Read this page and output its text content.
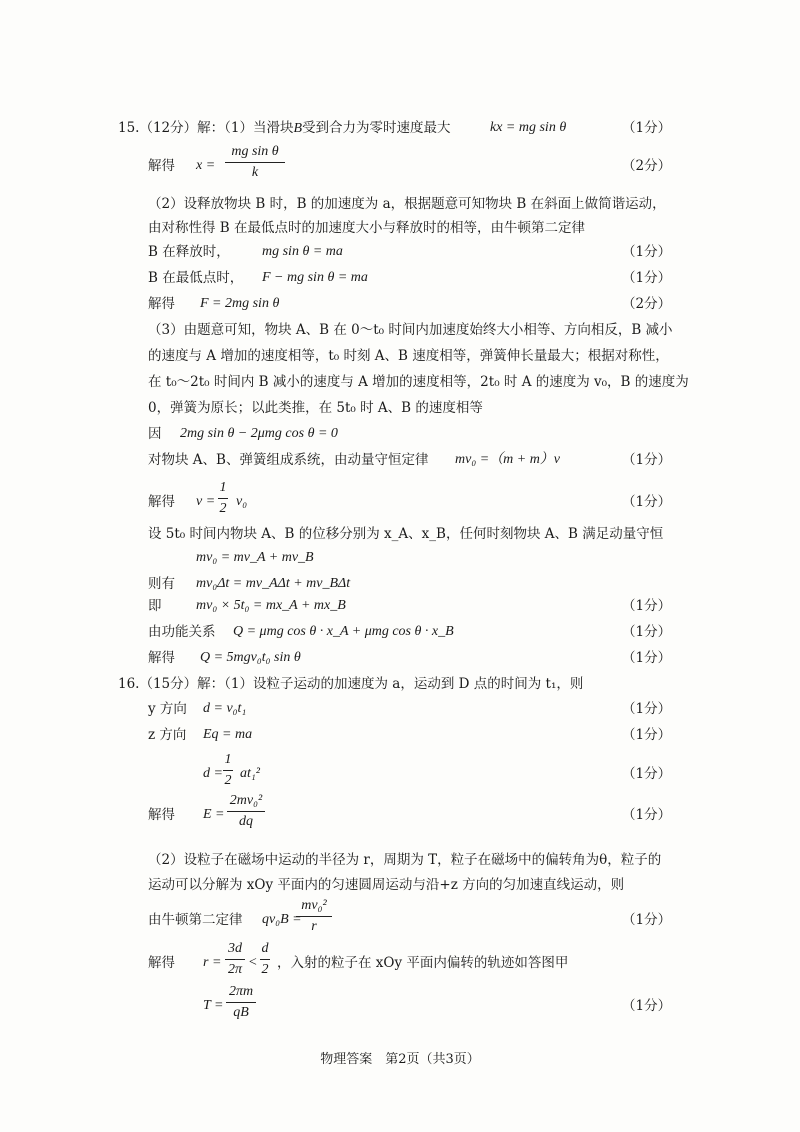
15.（12分）解：（1）当滑块B受到合力为零时速度最大	kx = mg sin θ	（1分）
解得 x =
mg sin θ
k	（2分）
（2）设释放物块 B 时，B 的加速度为 a，根据题意可知物块 B 在斜面上做简谐运动，
由对称性得 B 在最低点时的加速度大小与释放时的相等，由牛顿第二定律
B 在释放时， mg sin θ = ma	（1分）
B 在最低点时， F − mg sin θ = ma	（1分）
解得 F = 2mg sin θ	（2分）
（3）由题意可知，物块 A、B 在 0～t₀ 时间内加速度始终大小相等、方向相反，B 减小
的速度与 A 增加的速度相等，t₀ 时刻 A、B 速度相等，弹簧伸长量最大；根据对称性，
在 t₀～2t₀ 时间内 B 减小的速度与 A 增加的速度相等，2t₀ 时 A 的速度为 v₀，B 的速度为
0，弹簧为原长；以此类推，在 5t₀ 时 A、B 的速度相等
因 2mg sin θ − 2μmg cos θ = 0
对物块 A、B、弹簧组成系统，由动量守恒定律 mv₀ =（m + m）v	（1分）
解得 v =
1
2 v₀	（1分）
设 5t₀ 时间内物块 A、B 的位移分别为 x_A、x_B，任何时刻物块 A、B 满足动量守恒
mv₀ = mv_A + mv_B
则有 mv₀Δt = mv_AΔt + mv_BΔt
即 mv₀ × 5t₀ = mx_A + mx_B	（1分）
由功能关系 Q = μmg cos θ · x_A + μmg cos θ · x_B	（1分）
解得 Q = 5mgv₀t₀ sin θ	（1分）
16.（15分）解：（1）设粒子运动的加速度为 a，运动到 D 点的时间为 t₁，则
y 方向 d = v₀t₁	（1分）
z 方向 Eq = ma	（1分）
d =
1
2 at₁²	（1分）
解得 E =
2mv₀²
dq	（1分）
（2）设粒子在磁场中运动的半径为 r，周期为 T，粒子在磁场中的偏转角为θ，粒子的
运动可以分解为 xOy 平面内的匀速圆周运动与沿+z 方向的匀加速直线运动，则
由牛顿第二定律 qv₀B =
mv₀²
r	（1分）
解得 r =
3d
2π <
d
2 ，入射的粒子在 xOy 平面内偏转的轨迹如答图甲
T =
2πm
qB	（1分）
物理答案　第2页（共3页）
